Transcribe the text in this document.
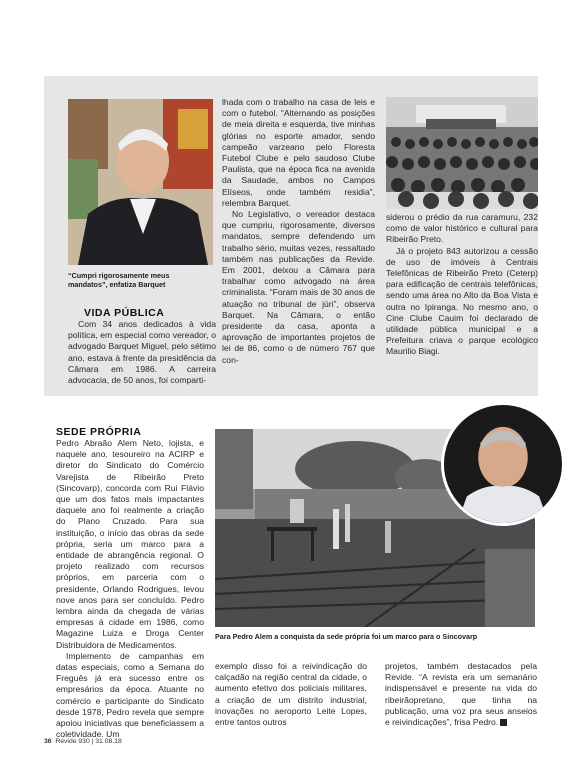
“Cumpri rigorosamente meus mandatos”, enfatiza Barquet
VIDA PÚBLICA

Com 34 anos dedicados à vida política, em especial como vereador, o advogado Barquet Miguel, pelo sétimo ano, estava à frente da presidência da Câmara em 1986. A carreira advocacia, de 50 anos, foi comparti-

lhada com o trabalho na casa de leis e com o futebol. “Alternando as posições de meia direita e esquerda, tive minhas glórias no esporte amador, sendo campeão varzeano pelo Floresta Futebol Clube e pelo saudoso Clube Paulista, que na época fica na avenida da Saudade, ambos no Campos Elíseos, onde também residia”, relembra Barquet.

No Legislativo, o vereador destaca que cumpriu, rigorosamente, diversos mandatos, sempre defendendo um trabalho sério, muitas vezes, ressaltado também nas publicações da Revide. Em 2001, deixou a Câmara para trabalhar como advogado na área criminalista. “Foram mais de 30 anos de atuação no tribunal de júri”, observa Barquet. Na Câmara, o então presidente da casa, aponta a aprovação de importantes projetos de lei de 86, como o de número 767 que con-

siderou o prédio da rua caramuru, 232 como de valor histórico e cultural para Ribeirão Preto.

Já o projeto 843 autorizou a cessão de uso de imóveis à Centrais Telefônicas de Ribeirão Preto (Ceterp) para edificação de centrais telefônicas, sendo uma área no Alto da Boa Vista e outra no Ipiranga. No mesmo ano, o Cine Clube Cauim foi declarado de utilidade pública municipal e a Prefeitura criava o parque ecológico Maurilio Biagi.

SEDE PRÓPRIA

Pedro Abraão Alem Neto, lojista, e naquele ano, tesoureiro na ACIRP e diretor do Sindicato do Comércio Varejista de Ribeirão Preto (Sincovarp), concorda com Rui Flávio que um dos fatos mais impactantes daquele ano foi realmente a criação do Plano Cruzado. Para sua instituição, o início das obras da sede própria, seria um marco para a entidade de abrangência regional. O projeto realizado com recursos próprios, em parceria com o presidente, Orlando Rodrigues, levou nove anos para ser concluído. Pedro lembra ainda da chegada de várias empresas à cidade em 1986, como Magazine Luiza e Droga Center Distribuidora de Medicamentos.

Implemento de campanhas em datas especiais, como a Semana do Freguês já era sucesso entre os empresários da época. Atuante no comércio e participante do Sindicato desde 1978, Pedro revela que sempre apoiou iniciativas que beneficiassem a coletividade. Um

Para Pedro Alem a conquista da sede própria foi um marco para o Sincovarp

exemplo disso foi a reivindicação do calçadão na região central da cidade, o aumento efetivo dos policiais militares, a criação de um distrito industrial, inovações no aeroporto Leite Lopes, entre tantos outros

projetos, também destacados pela Revide. “A revista era um semanário indispensável e presente na vida do ribeirãopretano, que tinha na publicação, uma voz pra seus anseios e reivindicações”, frisa Pedro.

36 Revide 930 | 31.08.18
